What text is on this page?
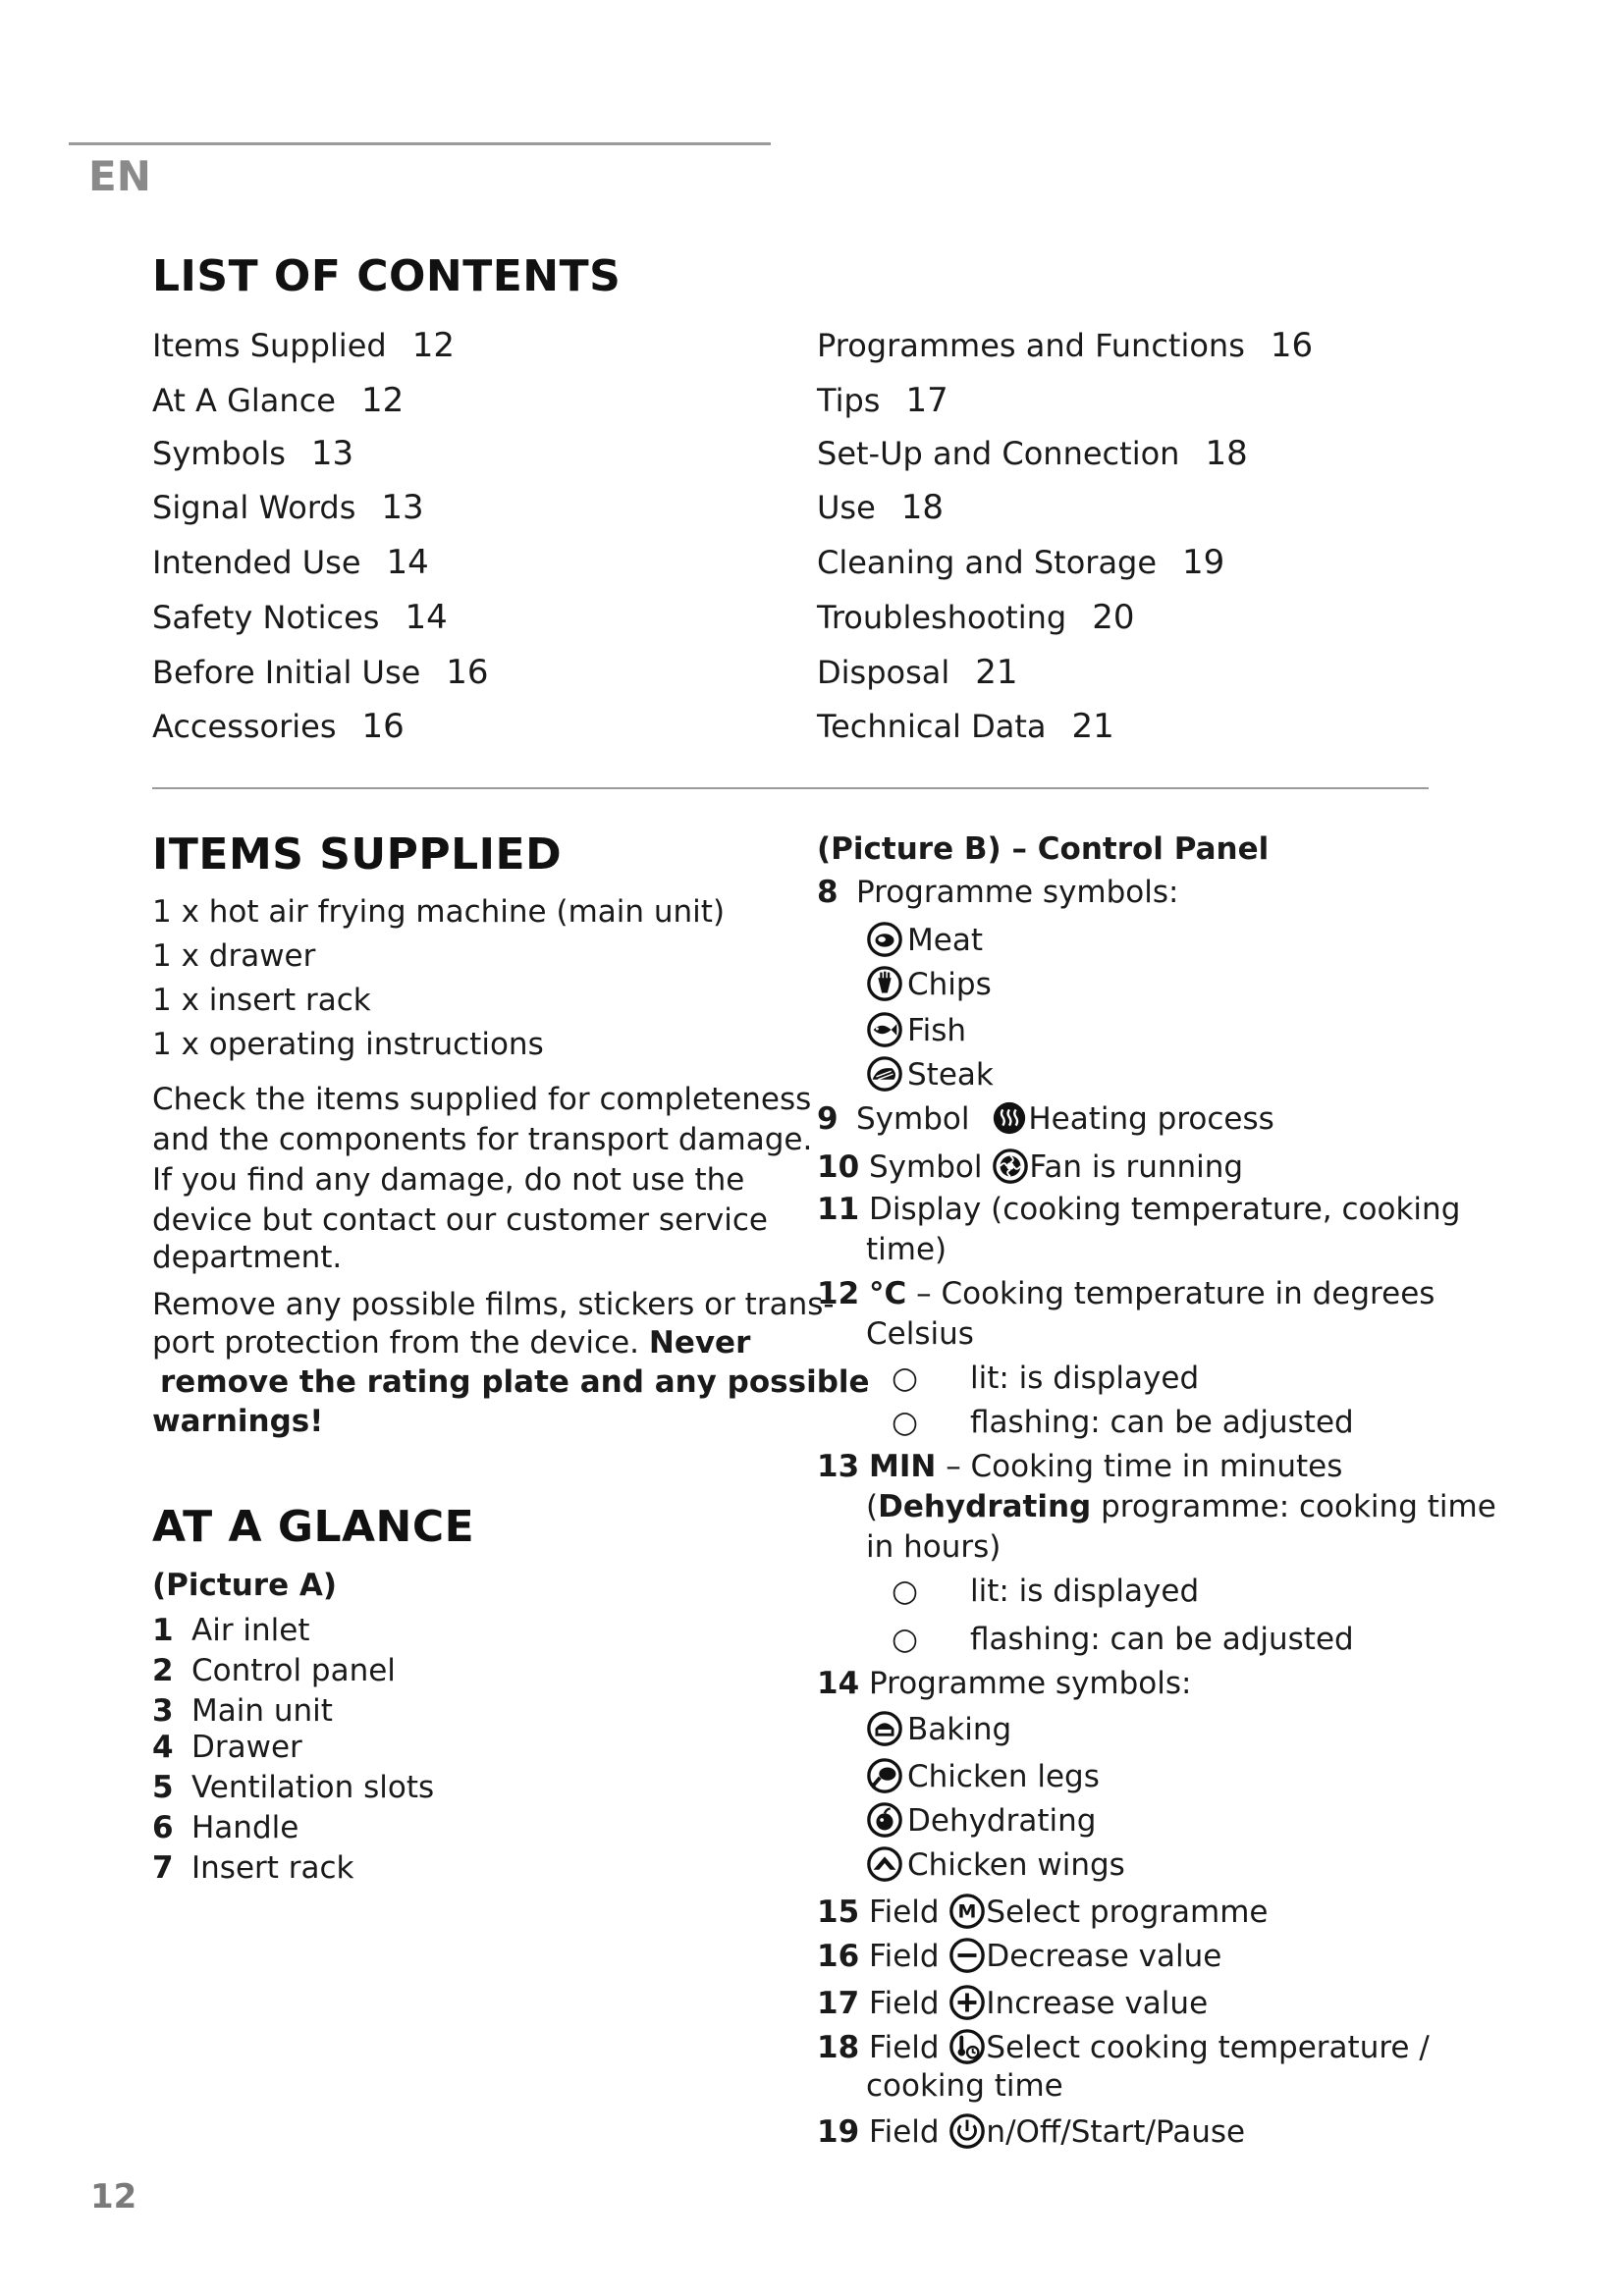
EN
LIST OF CONTENTS
Items Supplied 12
At A Glance 12
Symbols 13
Signal Words 13
Intended Use 14
Safety Notices 14
Before Initial Use 16
Accessories 16
Programmes and Functions 16
Tips 17
Set-Up and Connection 18
Use 18
Cleaning and Storage 19
Troubleshooting 20
Disposal 21
Technical Data 21
ITEMS SUPPLIED
1 x hot air frying machine (main unit)
1 x drawer
1 x insert rack
1 x operating instructions
Check the items supplied for completeness
and the components for transport damage.
If you find any damage, do not use the
device but contact our customer service
department.
Remove any possible films, stickers or trans-
port protection from the device. Never
remove the rating plate and any possible
warnings!
AT A GLANCE
(Picture A)
1 Air inlet
2 Control panel
3 Main unit
4 Drawer
5 Ventilation slots
6 Handle
7 Insert rack
(Picture B) – Control Panel
8 Programme symbols:
Meat
Chips
Fish
Steak
9 Symbol Heating process
10 Symbol Fan is running
11 Display (cooking temperature, cooking
time)
12 °C – Cooking temperature in degrees
Celsius
○ lit: is displayed
○ flashing: can be adjusted
13 MIN – Cooking time in minutes
(Dehydrating programme: cooking time
in hours)
○ lit: is displayed
○ flashing: can be adjusted
14 Programme symbols:
Baking
Chicken legs
Dehydrating
Chicken wings
15 Field M Select programme
16 Field Decrease value
17 Field Increase value
18 Field Select cooking temperature /
cooking time
19 Field n/Off/Start/Pause
12
